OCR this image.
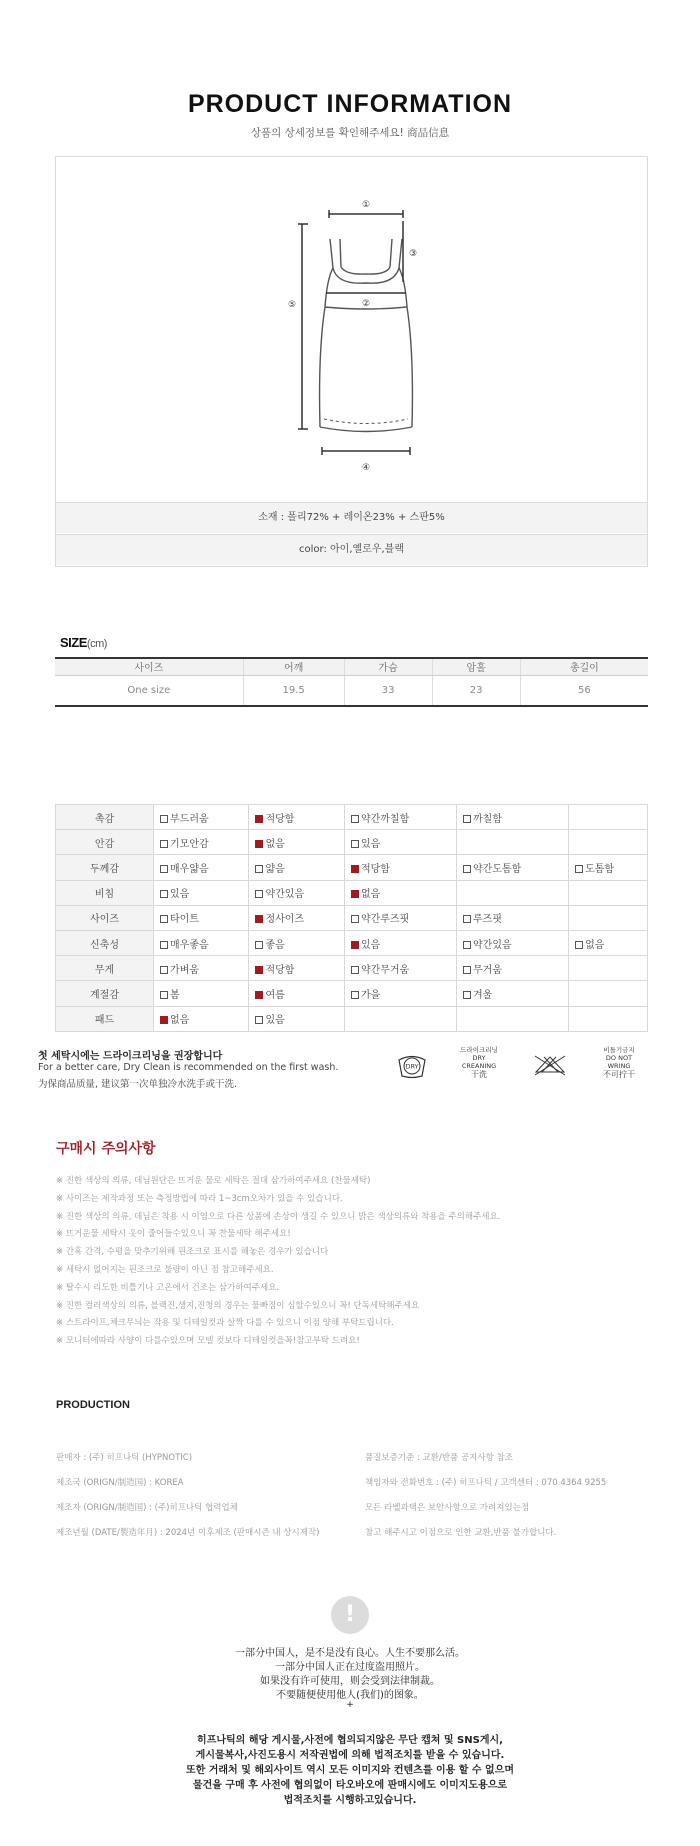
PRODUCT INFORMATION
상품의 상세정보를 확인해주세요! 商品信息
①
②
③
④
⑤
소재 : 폴리72% + 레이온23% + 스판5%
color: 아이,옐로우,블랙
SIZE(cm)
사이즈	어깨	가슴	암홀	총길이
One size	19.5	33	23	56
촉감	부드러움	적당함	약간까칠함	까칠함	
안감	기모안감	없음	있음		
두께감	매우얇음	얇음	적당함	약간도톰함	도톰함
비침	있음	약간있음	없음		
사이즈	타이트	정사이즈	약간루즈핏	루즈핏	
신축성	매우좋음	좋음	있음	약간있음	없음
무게	가벼움	적당함	약간무거움	무거움	
계절감	봄	여름	가을	겨울	
패드	없음	있음			
첫 세탁시에는 드라이크리닝을 권장합니다
For a better care, Dry Clean is recommended on the first wash.
为保商品质量, 建议第一次单独冷水洗手或干洗.
DRY
드라이크리닝
DRY
CREANING
干洗
비틀기금지
DO NOT
WRING
不可拧干
구매시 주의사항
※ 진한 색상의 의류, 데님원단은 뜨거운 물로 세탁은 절대 삼가하여주세요 (찬물세탁)
※ 사이즈는 제작과정 또는 측정방법에 따라 1~3cm오차가 있을 수 있습니다.
※ 진한 색상의 의류, 데님은 착용 시 이염으로 다른 상품에 손상이 생길 수 있으니 밝은 색상의류와 착용을 주의해주세요.
※ 뜨거운물 세탁시 옷이 줄어들수있으니 꼭 찬물세탁 해주세요!
※ 간혹 간격, 수평을 맞추기위해 핀조크로 표시를 해놓은 경우가 있습니다
※ 세탁시 없어지는 핀조크로 불량이 아닌 점 참고해주세요.
※ 탈수시 리도한 비틀기나 고온에서 건조는 삼가하여주세요.
※ 진한 컬러색상의 의류, 블랙진,생지,진청의 경우는 물빠짐이 심할수있으니 꼭! 단독세탁해주세요
※ 스트라이프,체크무늬는 작용 및 디테일컷과 살짝 다를 수 있으니 이점 양해 부탁드립니다.
※ 모니터에따라 사양이 다를수있으며 모델 컷보다 디테일컷을꼭!참고부탁 드려요!
PRODUCTION
판매자 : (주) 히프나틱 (HYPNOTIC)
제조국 (ORIGN/制造国) : KOREA
제조자 (ORIGN/制造国) : (주)히프나틱 협력업체
제조년월 (DATE/製造年月) : 2024년 이후제조 (판매시즌 내 상시제작)
품질보증기준 : 교환/반품 공지사항 참조
책임자와 전화번호 : (주) 히프나틱 / 고객센터 : 070 4364 9255
모든 라벨과택은 보안사항으로 가려져있는점
참고 해주시고 이점으로 인한 교환,반품 불가합니다.
!
一部分中国人，是不是没有良心。人生不要那么活。
一部分中国人正在过度盗用照片。
如果没有许可使用，则会受到法律制裁。
不要随便使用他人(我们)的图象。
+
히프나틱의 해당 게시물,사전에 협의되지않은 무단 캡쳐 및 SNS게시,
게시물복사,사진도용시 저작권법에 의해 법적조치를 받을 수 있습니다.
또한 거래처 및 해외사이트 역시 모든 이미지와 컨텐츠를 이용 할 수 없으며
물건을 구매 후 사전에 협의없이 타오바오에 판매시에도 이미지도용으로
법적조치를 시행하고있습니다.
